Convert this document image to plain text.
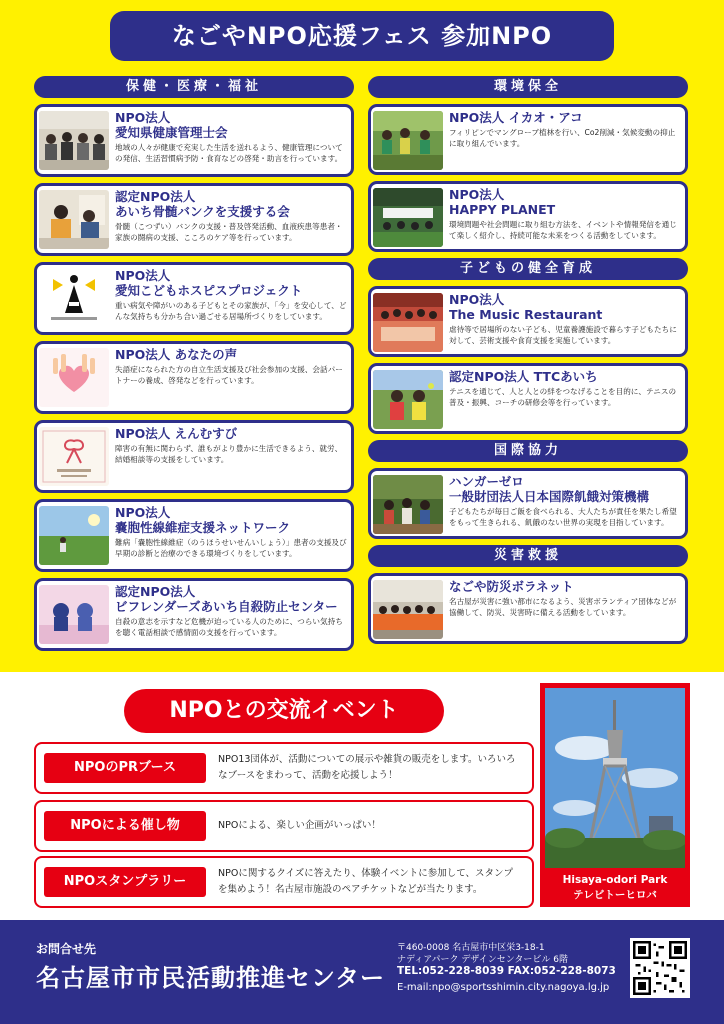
なごやNPO応援フェス 参加NPO
保健・医療・福祉
NPO法人
愛知県健康管理士会
地域の人々が健康で充実した生活を送れるよう、健康管理についての発信、生活習慣病予防・食育などの啓発・助言を行っています。
認定NPO法人
あいち骨髄バンクを支援する会
骨髄（こつずい）バンクの支援・普及啓発活動、血液疾患等患者・家族の闘病の支援、こころのケア等を行っています。
NPO法人
愛知こどもホスピスプロジェクト
重い病気や障がいのある子どもとその家族が、「今」を安心して、どんな気持ちも分かち合い過ごせる居場所づくりをしています。
NPO法人 あなたの声
失語症になられた方の自立生活支援及び社会参加の支援、会話パートナーの養成、啓発などを行っています。
NPO法人 えんむすび
障害の有無に関わらず、誰もがより豊かに生活できるよう、就労、結婚相談等の支援をしています。
NPO法人
嚢胞性線維症支援ネットワーク
難病「嚢胞性線維症（のうほうせいせんいしょう）」患者の支援及び早期の診断と治療のできる環境づくりをしています。
認定NPO法人
ビフレンダーズあいち自殺防止センター
自殺の意志を示すなど危機が迫っている人のために、つらい気持ちを聴く電話相談で感情面の支援を行っています。
環境保全
NPO法人 イカオ・アコ
フィリピンでマングローブ植林を行い、Co2削減・気候変動の抑止に取り組んでいます。
NPO法人
HAPPY PLANET
環境問題や社会問題に取り組む方法を、イベントや情報発信を通じて楽しく紹介し、持続可能な未来をつくる活動をしています。
子どもの健全育成
NPO法人
The Music Restaurant
虐待等で居場所のない子ども、児童養護施設で暮らす子どもたちに対して、芸術支援や食育支援を実施しています。
認定NPO法人 TTCあいち
テニスを通じて、人と人との絆をつなげることを目的に、テニスの普及・振興、コーチの研修会等を行っています。
国際協力
ハンガーゼロ
一般財団法人日本国際飢餓対策機構
子どもたちが毎日ご飯を食べられる、大人たちが責任を果たし希望をもって生きられる、飢餓のない世界の実現を目指しています。
災害救援
なごや防災ボラネット
名古屋が災害に強い都市になるよう、災害ボランティア団体などが協働して、防災、災害時に備える活動をしています。
NPOとの交流イベント
NPOのPRブース
NPO13団体が、活動についての展示や雑貨の販売をします。いろいろなブースをまわって、活動を応援しよう！
NPOによる催し物	NPOによる、楽しい企画がいっぱい！
NPOスタンプラリー
NPOに関するクイズに答えたり、体験イベントに参加して、スタンプを集めよう！名古屋市施設のペアチケットなどが当たります。
Hisaya-odori Park
テレビトーヒロバ
お問合せ先
名古屋市市民活動推進センター
〒460-0008 名古屋市中区栄3-18-1
ナディアパーク デザインセンタービル 6階
TEL:052-228-8039 FAX:052-228-8073
E-mail:npo@sportsshimin.city.nagoya.lg.jp
